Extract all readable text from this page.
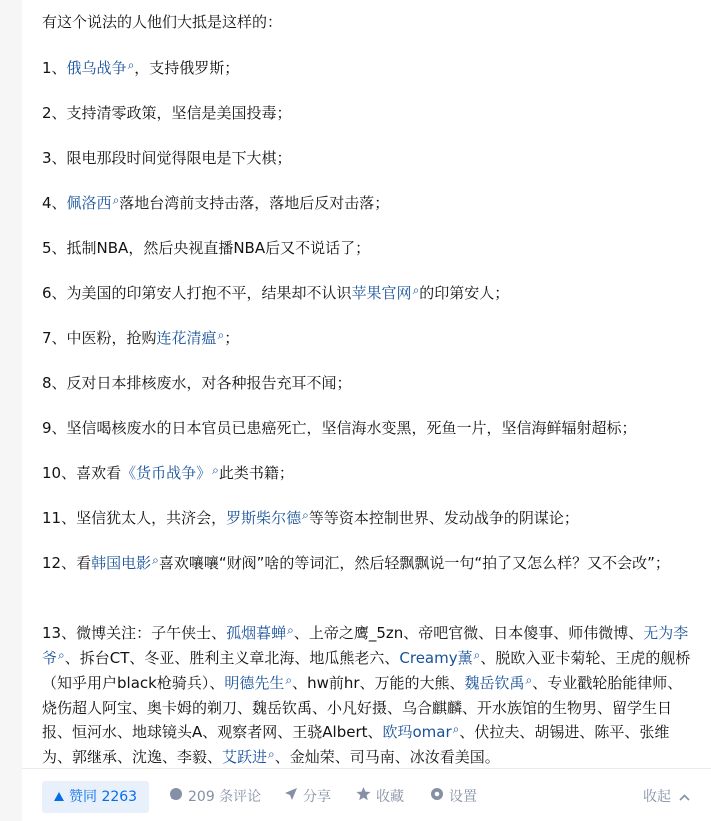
有这个说法的人他们大抵是这样的：
1、俄乌战争⌕，支持俄罗斯；
2、支持清零政策，坚信是美国投毒；
3、限电那段时间觉得限电是下大棋；
4、佩洛西⌕落地台湾前支持击落，落地后反对击落；
5、抵制NBA，然后央视直播NBA后又不说话了；
6、为美国的印第安人打抱不平，结果却不认识苹果官网⌕的印第安人；
7、中医粉，抢购连花清瘟⌕；
8、反对日本排核废水，对各种报告充耳不闻；
9、坚信喝核废水的日本官员已患癌死亡，坚信海水变黑，死鱼一片，坚信海鲜辐射超标；
10、喜欢看《货币战争》⌕此类书籍；
11、坚信犹太人，共济会，罗斯柴尔德⌕等等资本控制世界、发动战争的阴谋论；
12、看韩国电影⌕喜欢嚷嚷“财阀”啥的等词汇，然后轻飘飘说一句“拍了又怎么样？又不会改”；
13、微博关注：子午侠士、孤烟暮蝉⌕、上帝之鹰_5zn、帝吧官微、日本傻事、师伟微博、无为李爷⌕、拆台CT、冬亚、胜利主义章北海、地瓜熊老六、Creamy薰⌕、脱欧入亚卡菊轮、王虎的舰桥（知乎用户black枪骑兵）、明德先生⌕、hw前hr、万能的大熊、魏岳钦禹⌕、专业戳轮胎能律师、烧伤超人阿宝、奥卡姆的剃刀、魏岳钦禹、小凡好摄、乌合麒麟、开水族馆的生物男、留学生日报、恒河水、地球镜头A、观察者网、王骁Albert、欧玛omar⌕、伏拉夫、胡锡进、陈平、张维为、郭继承、沈逸、李毅、艾跃进⌕、金灿荣、司马南、冰汝看美国。
赞同 2263	209 条评论	分享	收藏	设置	收起
